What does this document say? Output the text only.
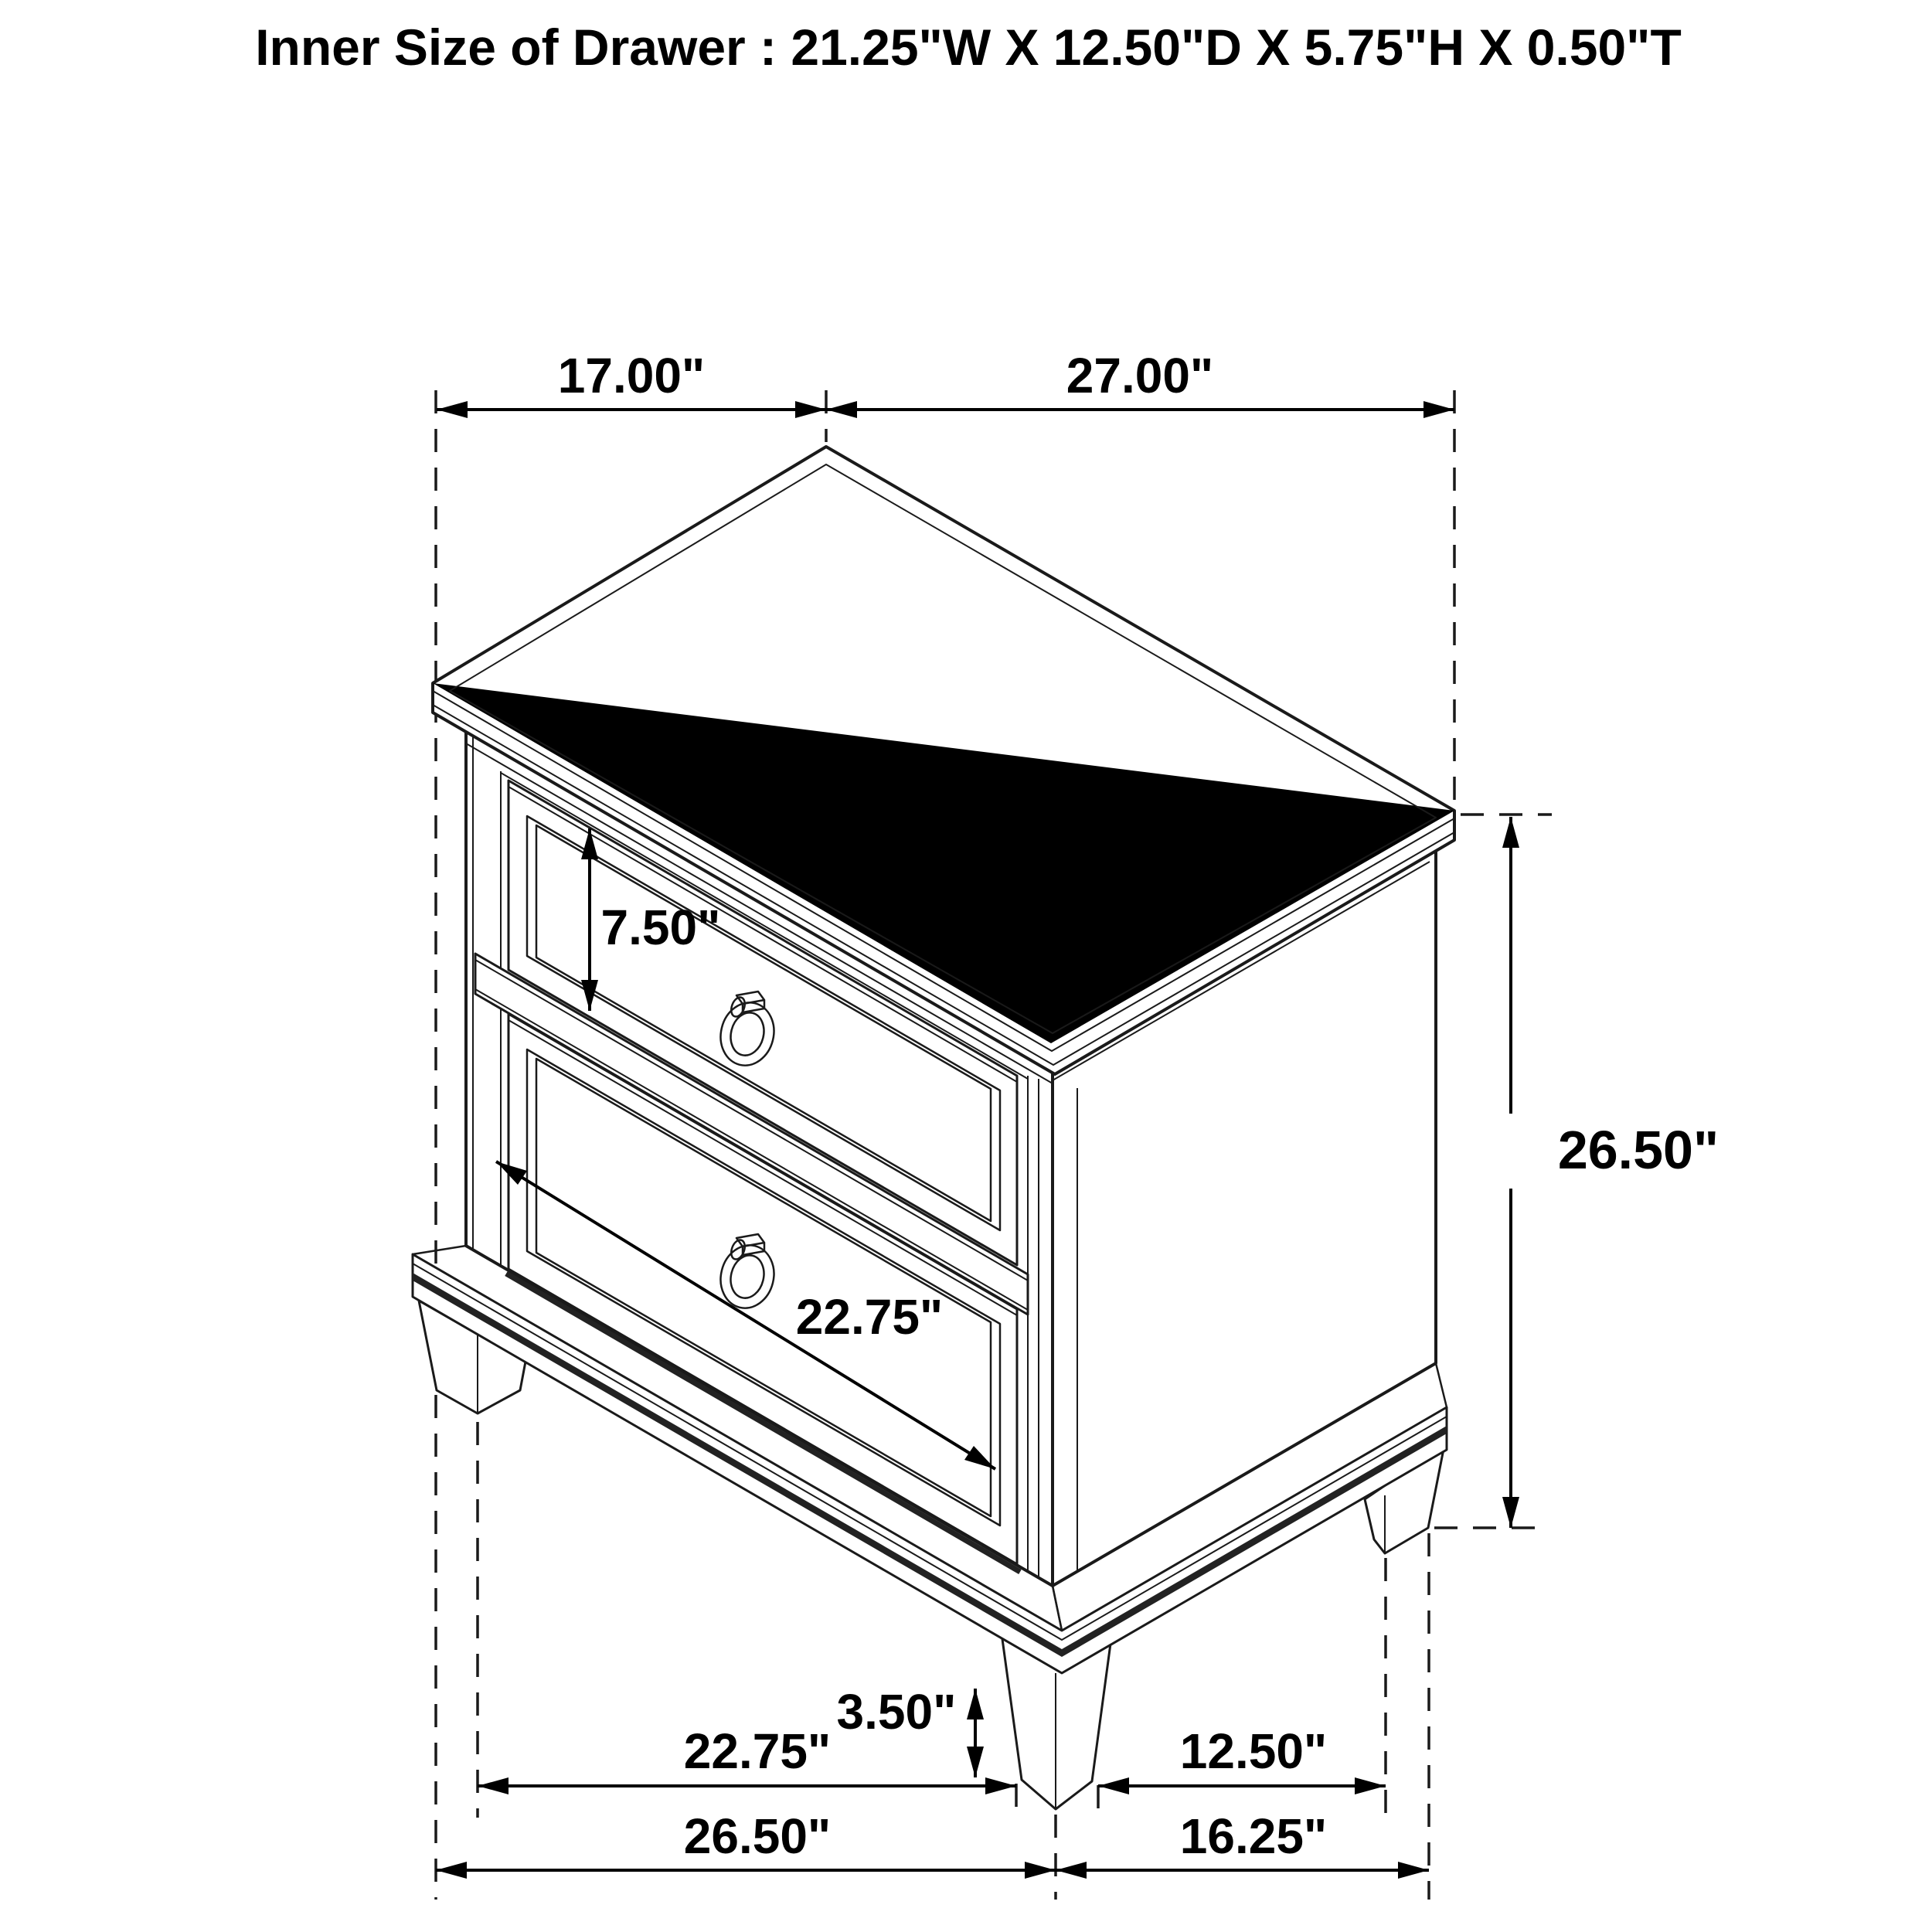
Inner Size of Drawer : 21.25"W X 12.50"D X 5.75"H X 0.50"T
17.00"	27.00"
26.50"
7.50"
22.75"
3.50"
22.75"	12.50"
26.50"	16.25"
